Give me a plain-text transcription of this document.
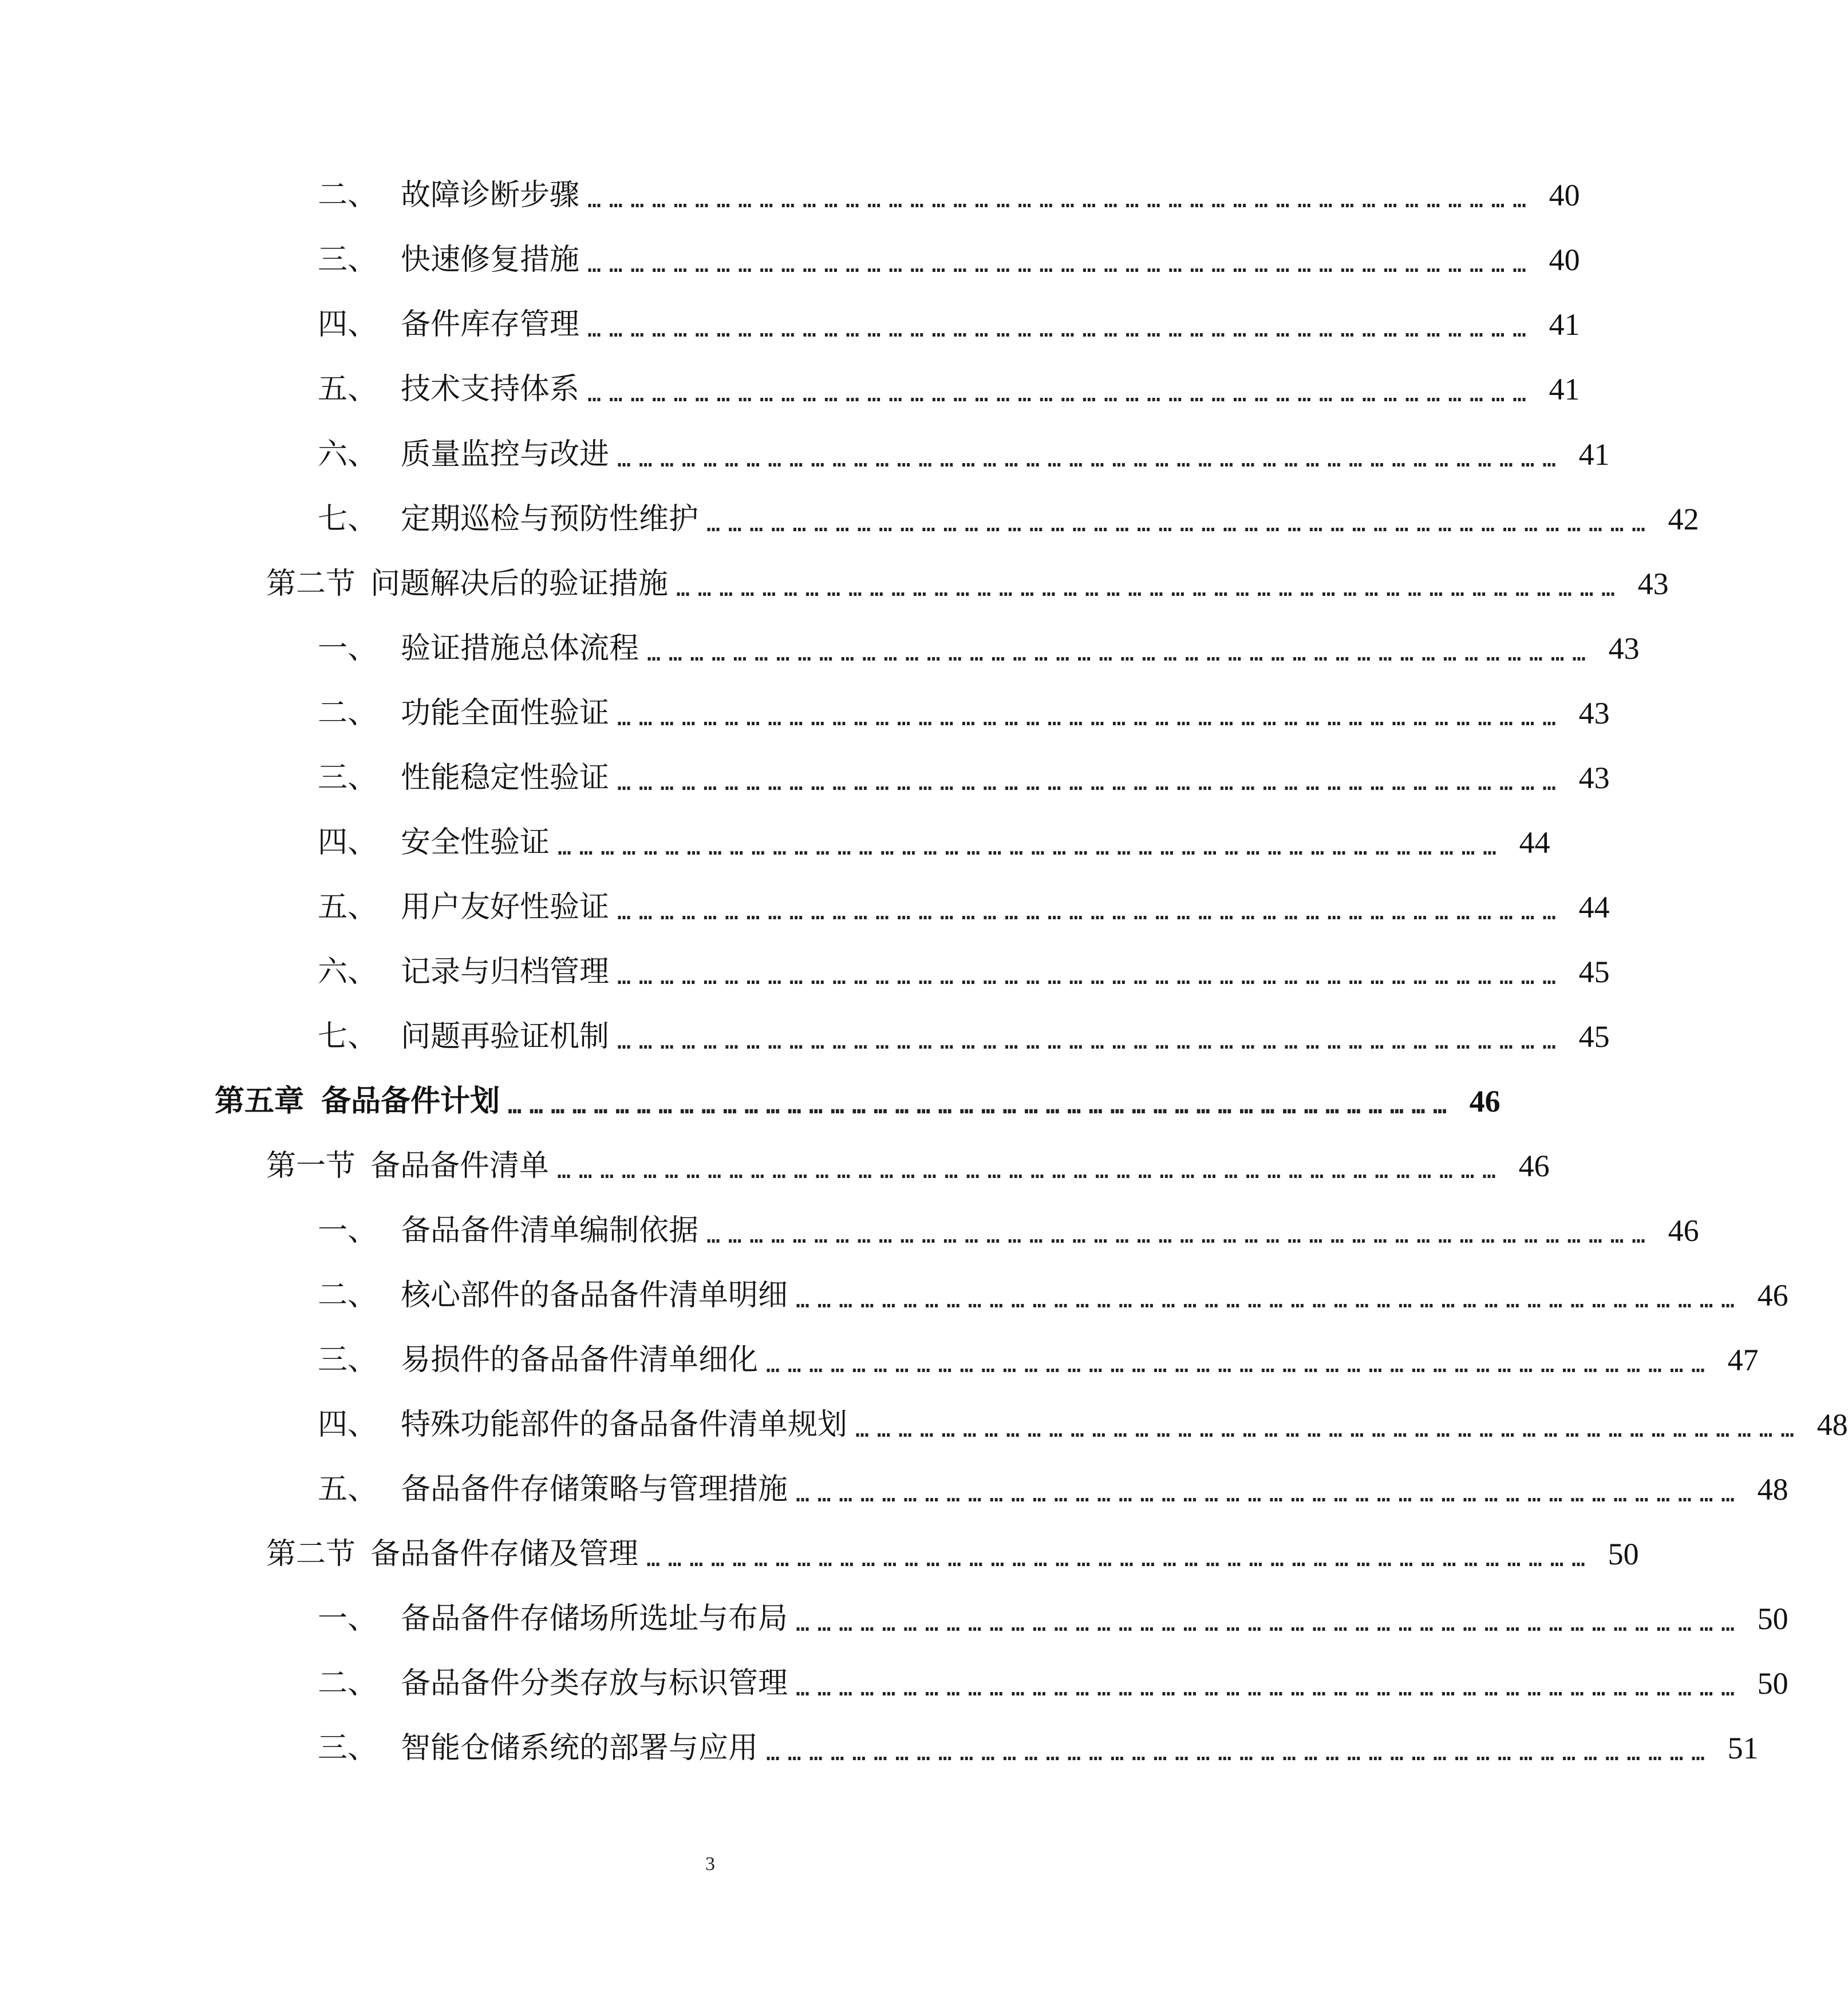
二、 故障诊断步骤 …………………………………………………………………………………………………………………… 40
三、 快速修复措施 …………………………………………………………………………………………………………………… 40
四、 备件库存管理 …………………………………………………………………………………………………………………… 41
五、 技术支持体系 …………………………………………………………………………………………………………………… 41
六、 质量监控与改进 …………………………………………………………………………………………………………………… 41
七、 定期巡检与预防性维护 …………………………………………………………………………………………………………………… 42
第二节 问题解决后的验证措施 …………………………………………………………………………………………………………………… 43
一、 验证措施总体流程 …………………………………………………………………………………………………………………… 43
二、 功能全面性验证 …………………………………………………………………………………………………………………… 43
三、 性能稳定性验证 …………………………………………………………………………………………………………………… 43
四、 安全性验证 …………………………………………………………………………………………………………………… 44
五、 用户友好性验证 …………………………………………………………………………………………………………………… 44
六、 记录与归档管理 …………………………………………………………………………………………………………………… 45
七、 问题再验证机制 …………………………………………………………………………………………………………………… 45
第五章 备品备件计划 …………………………………………………………………………………………………………………… 46
第一节 备品备件清单 …………………………………………………………………………………………………………………… 46
一、 备品备件清单编制依据 …………………………………………………………………………………………………………………… 46
二、 核心部件的备品备件清单明细 …………………………………………………………………………………………………………………… 46
三、 易损件的备品备件清单细化 …………………………………………………………………………………………………………………… 47
四、 特殊功能部件的备品备件清单规划 …………………………………………………………………………………………………………………… 48
五、 备品备件存储策略与管理措施 …………………………………………………………………………………………………………………… 48
第二节 备品备件存储及管理 …………………………………………………………………………………………………………………… 50
一、 备品备件存储场所选址与布局 …………………………………………………………………………………………………………………… 50
二、 备品备件分类存放与标识管理 …………………………………………………………………………………………………………………… 50
三、 智能仓储系统的部署与应用 …………………………………………………………………………………………………………………… 51
3
